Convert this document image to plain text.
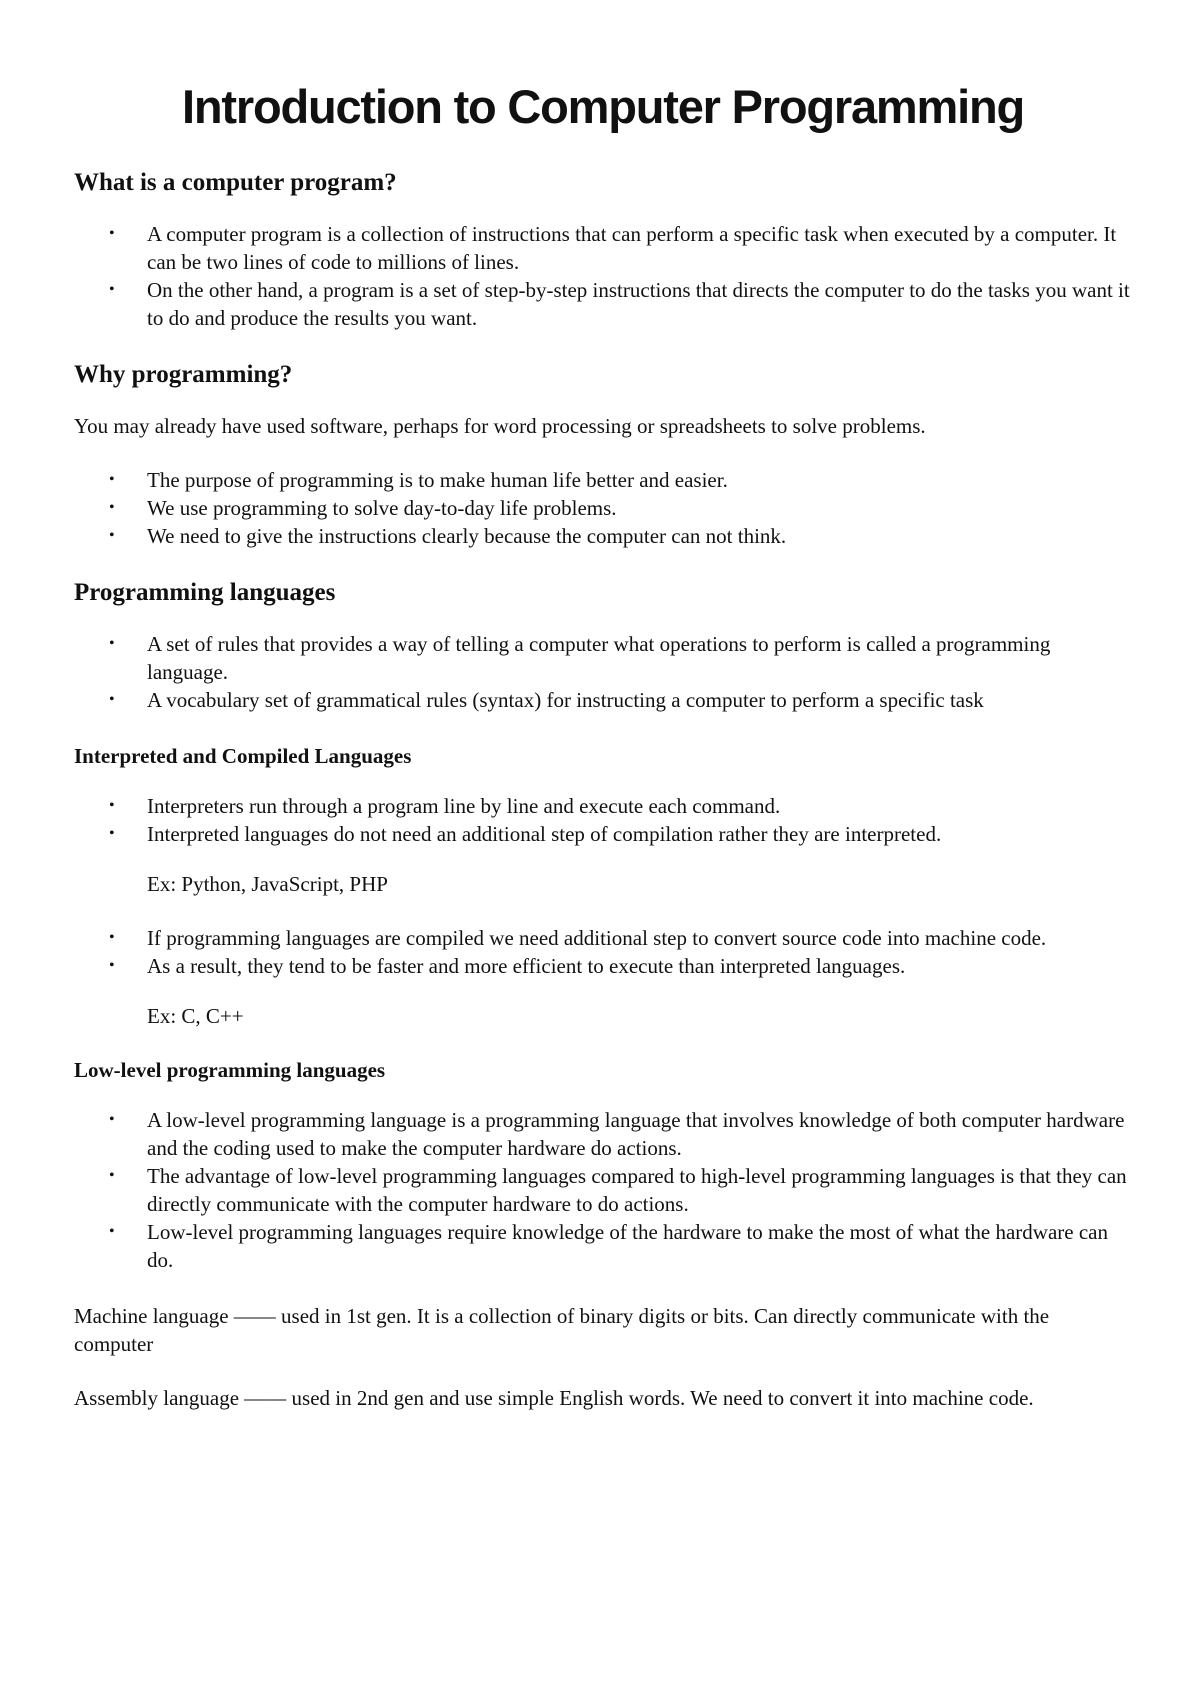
Introduction to Computer Programming
What is a computer program?
• A computer program is a collection of instructions that can perform a specific task when executed by a computer. It can be two lines of code to millions of lines.
• On the other hand, a program is a set of step-by-step instructions that directs the computer to do the tasks you want it to do and produce the results you want.
Why programming?

You may already have used software, perhaps for word processing or spreadsheets to solve problems.

• The purpose of programming is to make human life better and easier.
• We use programming to solve day-to-day life problems.
• We need to give the instructions clearly because the computer can not think.
Programming languages
• A set of rules that provides a way of telling a computer what operations to perform is called a programming language.
• A vocabulary set of grammatical rules (syntax) for instructing a computer to perform a specific task
Interpreted and Compiled Languages
• Interpreters run through a program line by line and execute each command.
• Interpreted languages do not need an additional step of compilation rather they are interpreted.

Ex: Python, JavaScript, PHP

• If programming languages are compiled we need additional step to convert source code into machine code.
• As a result, they tend to be faster and more efficient to execute than interpreted languages.

Ex: C, C++

Low-level programming languages
• A low-level programming language is a programming language that involves knowledge of both computer hardware and the coding used to make the computer hardware do actions.
• The advantage of low-level programming languages compared to high-level programming languages is that they can directly communicate with the computer hardware to do actions.
• Low-level programming languages require knowledge of the hardware to make the most of what the hardware can do.

Machine language —— used in 1st gen. It is a collection of binary digits or bits. Can directly communicate with the computer

Assembly language —— used in 2nd gen and use simple English words. We need to convert it into machine code.
